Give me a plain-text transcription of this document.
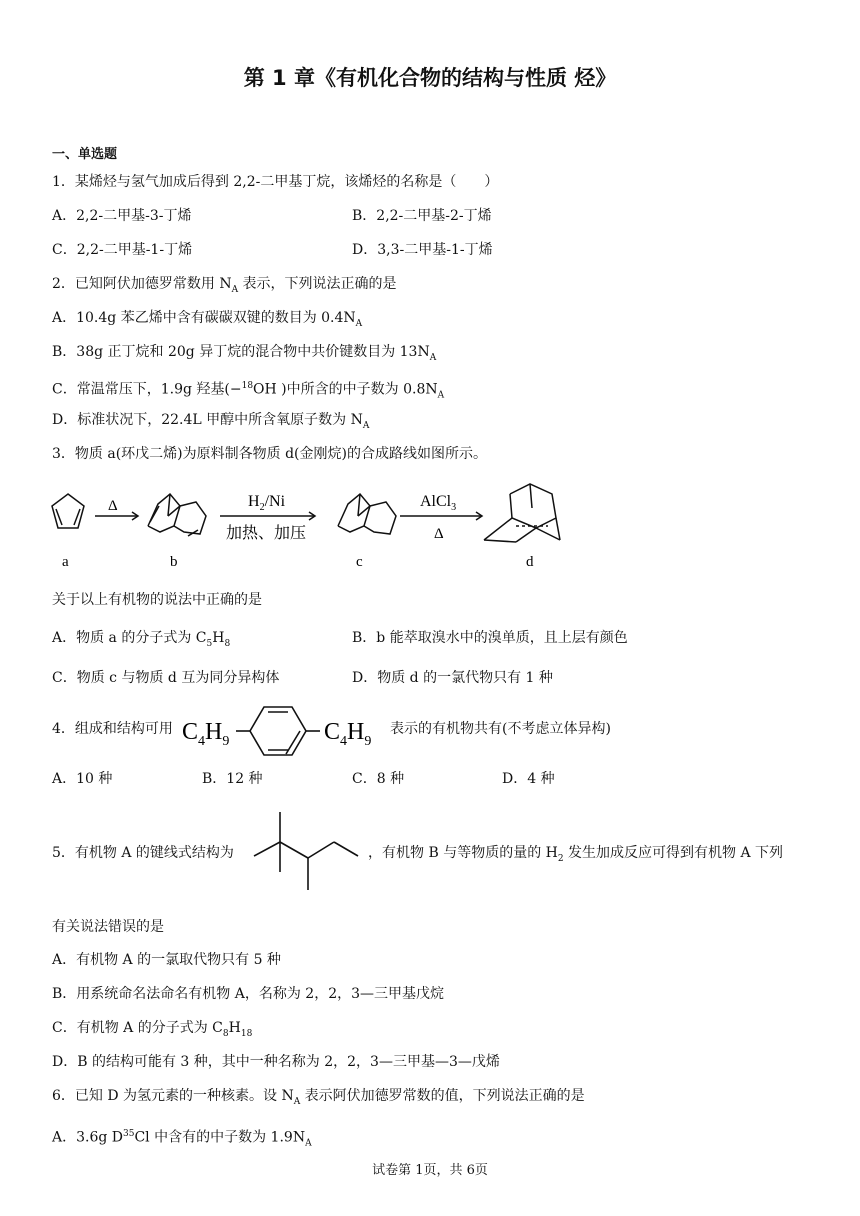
第 1 章《有机化合物的结构与性质 烃》
一、单选题
1．某烯烃与氢气加成后得到 2,2-二甲基丁烷，该烯烃的名称是（　　）
A．2,2-二甲基-3-丁烯	B．2,2-二甲基-2-丁烯
C．2,2-二甲基-1-丁烯	D．3,3-二甲基-1-丁烯
2．已知阿伏加德罗常数用 $N_A$ 表示，下列说法正确的是
A．10.4g 苯乙烯中含有碳碳双键的数目为 $0.4N_A$
B．38g 正丁烷和 20g 异丁烷的混合物中共价键数目为 $13N_A$
C．常温常压下，1.9g 羟基(−$^{18}$OH )中所含的中子数为 $0.8N_A$
D．标准状况下，22.4L 甲醇中所含氧原子数为 $N_A$
3．物质 a(环戊二烯)为原料制各物质 d(金刚烷)的合成路线如图所示。
a	b	c	d
Δ	$H_2/Ni$
加热、加压
AlCl$_3$
Δ
关于以上有机物的说法中正确的是
A．物质 a 的分子式为 $C_5H_8$	B．b 能萃取溴水中的溴单质，且上层有颜色
C．物质 c 与物质 d 互为同分异构体	D．物质 d 的一氯代物只有 1 种
4．组成和结构可用 $C_4H_9$	$C_4H_9$
表示的有机物共有(不考虑立体异构)
A．10 种	B．12 种	C．8 种	D．4 种
5．有机物 A 的键线式结构为	，有机物 B 与等物质的量的 $H_2$ 发生加成反应可得到有机物 A 下列
有关说法错误的是
A．有机物 A 的一氯取代物只有 5 种
B．用系统命名法命名有机物 A，名称为 2，2，3—三甲基戊烷
C．有机物 A 的分子式为 $C_8H_{18}$
D．B 的结构可能有 3 种，其中一种名称为 2，2，3—三甲基—3—戊烯
6．已知 D 为氢元素的一种核素。设 $N_A$ 表示阿伏加德罗常数的值，下列说法正确的是
A．3.6g $D^{35}Cl$ 中含有的中子数为 $1.9N_A$
试卷第 1页，共 6页
